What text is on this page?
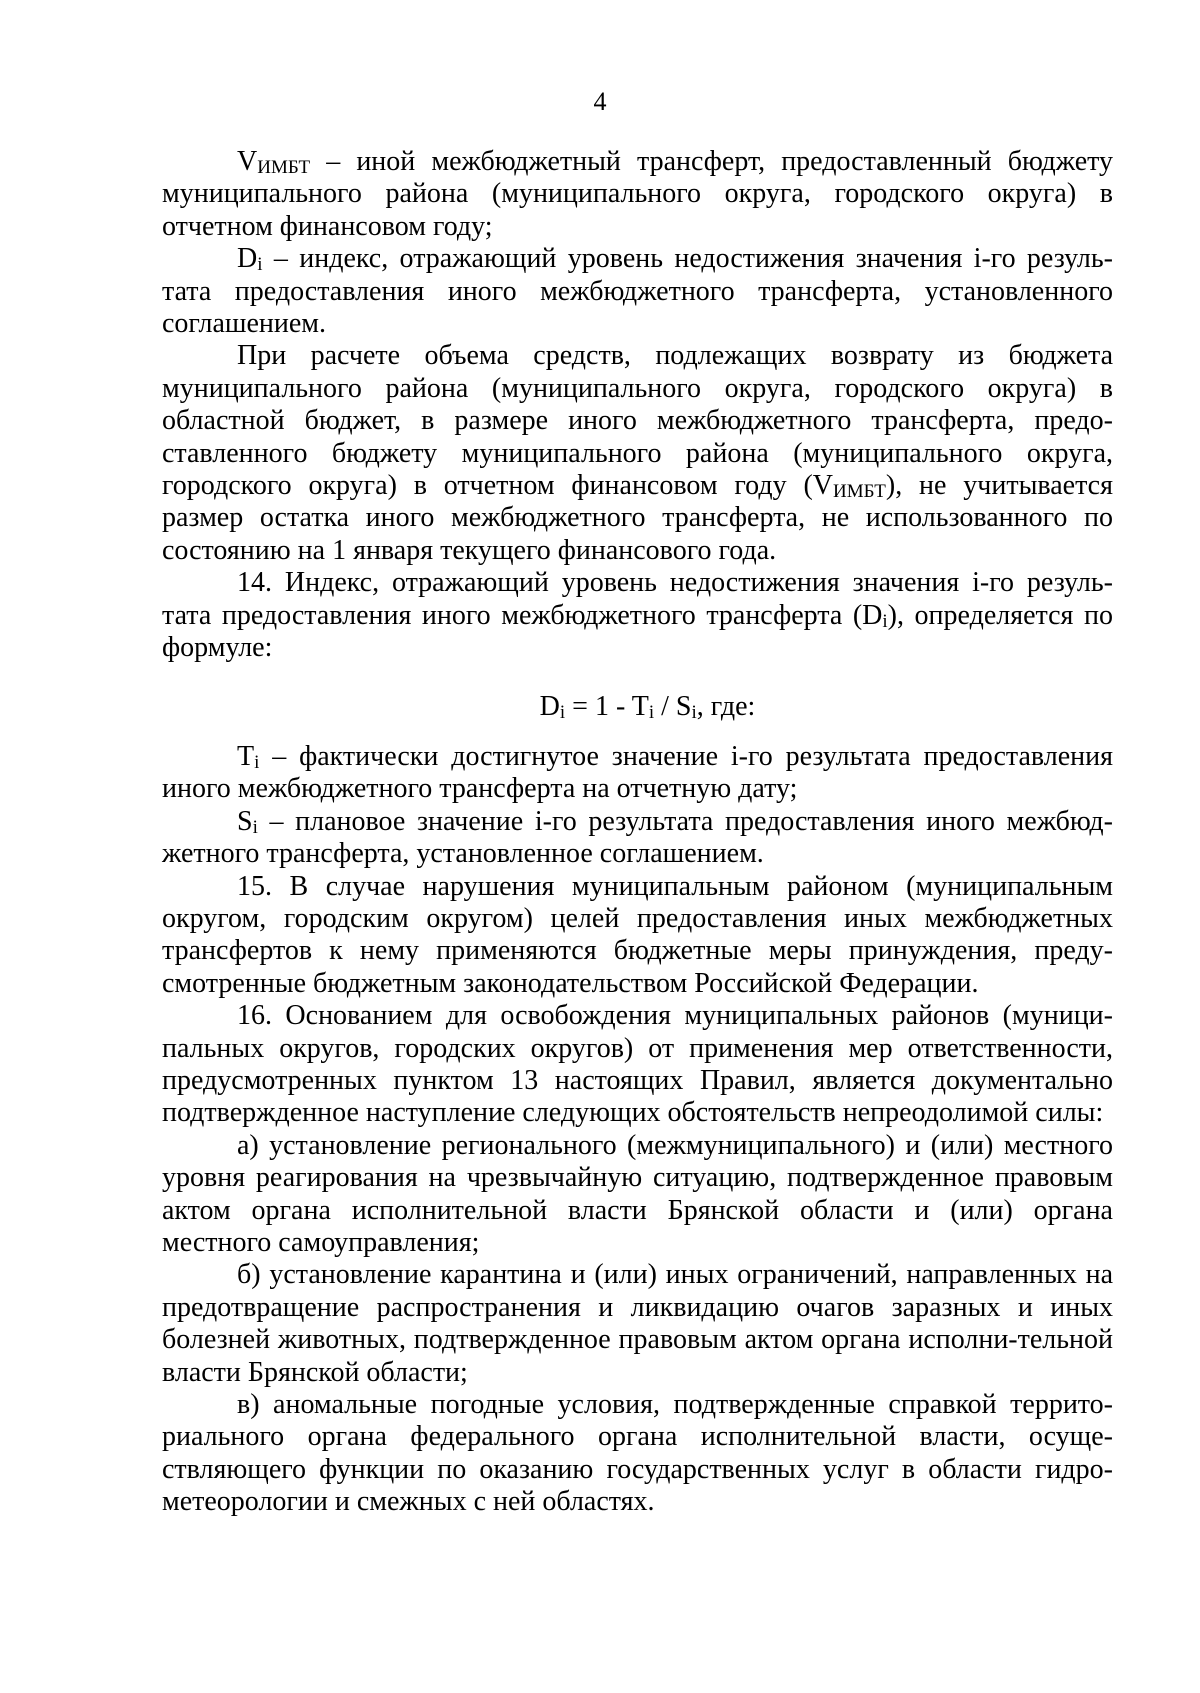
4

$V_{ИМБТ}$ – иной межбюджетный трансферт, предоставленный бюджету муниципального района (муниципального округа, городского округа) в отчетном финансовом году;

$D_i$ – индекс, отражающий уровень недостижения значения i-го резуль-тата предоставления иного межбюджетного трансферта, установленного соглашением.

При расчете объема средств, подлежащих возврату из бюджета муниципального района (муниципального округа, городского округа) в областной бюджет, в размере иного межбюджетного трансферта, предо-ставленного бюджету муниципального района (муниципального округа, городского округа) в отчетном финансовом году $(V_{ИМБТ})$, не учитывается размер остатка иного межбюджетного трансферта, не использованного по состоянию на 1 января текущего финансового года.

14. Индекс, отражающий уровень недостижения значения i-го резуль-тата предоставления иного межбюджетного трансферта $(D_i)$, определяется по формуле:

$D_i = 1 - T_i / S_i$, где:

$T_i$ – фактически достигнутое значение i-го результата предоставления иного межбюджетного трансферта на отчетную дату;

$S_i$ – плановое значение i-го результата предоставления иного межбюд-жетного трансферта, установленное соглашением.

15. В случае нарушения муниципальным районом (муниципальным округом, городским округом) целей предоставления иных межбюджетных трансфертов к нему применяются бюджетные меры принуждения, преду-смотренные бюджетным законодательством Российской Федерации.

16. Основанием для освобождения муниципальных районов (муници-пальных округов, городских округов) от применения мер ответственности, предусмотренных пунктом 13 настоящих Правил, является документально подтвержденное наступление следующих обстоятельств непреодолимой силы:

а) установление регионального (межмуниципального) и (или) местного уровня реагирования на чрезвычайную ситуацию, подтвержденное правовым актом органа исполнительной власти Брянской области и (или) органа местного самоуправления;

б) установление карантина и (или) иных ограничений, направленных на предотвращение распространения и ликвидацию очагов заразных и иных болезней животных, подтвержденное правовым актом органа исполни-тельной власти Брянской области;

в) аномальные погодные условия, подтвержденные справкой террито-риального органа федерального органа исполнительной власти, осуще-ствляющего функции по оказанию государственных услуг в области гидро-метеорологии и смежных с ней областях.
